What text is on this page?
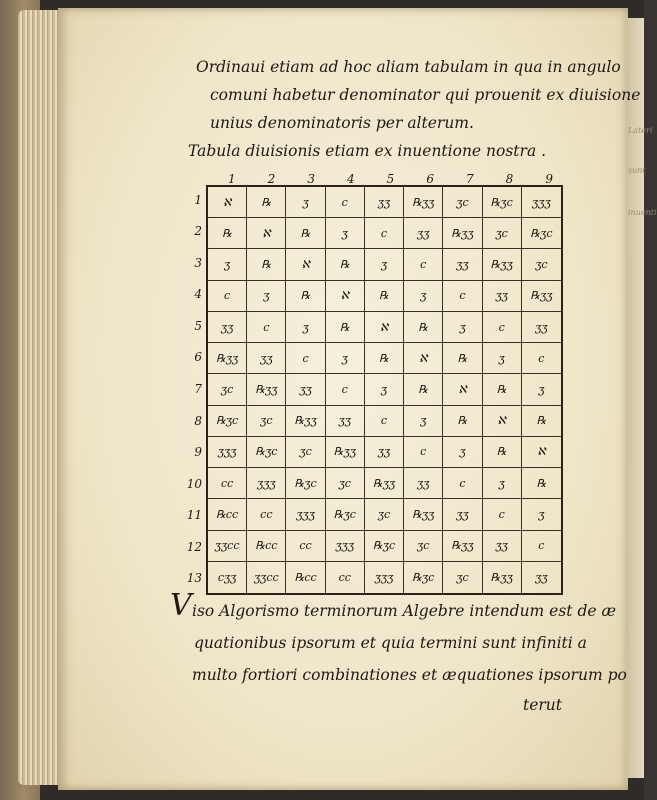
Lateri
sunt
inuenti
Ordinaui etiam ad hoc aliam tabulam in qua in angulo
comuni habetur denominator qui prouenit ex diuisione
unius denominatoris per alterum.
Tabula diuisionis etiam ex inuentione nostra .
1	2	3	4	5	6	7	8	9
1
2
3
4
5
6
7
8
9
10
11
12
13
ℵ	℞	ʒ	c	ʒʒ	℞ʒʒ	ʒc	℞ʒc	ʒʒʒ
℞	ℵ	℞	ʒ	c	ʒʒ	℞ʒʒ	ʒc	℞ʒc
ʒ	℞	ℵ	℞	ʒ	c	ʒʒ	℞ʒʒ	ʒc
c	ʒ	℞	ℵ	℞	ʒ	c	ʒʒ	℞ʒʒ
ʒʒ	c	ʒ	℞	ℵ	℞	ʒ	c	ʒʒ
℞ʒʒ	ʒʒ	c	ʒ	℞	ℵ	℞	ʒ	c
ʒc	℞ʒʒ	ʒʒ	c	ʒ	℞	ℵ	℞	ʒ
℞ʒc	ʒc	℞ʒʒ	ʒʒ	c	ʒ	℞	ℵ	℞
ʒʒʒ	℞ʒc	ʒc	℞ʒʒ	ʒʒ	c	ʒ	℞	ℵ
cc	ʒʒʒ	℞ʒc	ʒc	℞ʒʒ	ʒʒ	c	ʒ	℞
℞cc	cc	ʒʒʒ	℞ʒc	ʒc	℞ʒʒ	ʒʒ	c	ʒ
ʒʒcc	℞cc	cc	ʒʒʒ	℞ʒc	ʒc	℞ʒʒ	ʒʒ	c
cʒʒ	ʒʒcc	℞cc	cc	ʒʒʒ	℞ʒc	ʒc	℞ʒʒ	ʒʒ
V iso Algorismo terminorum Algebre intendum est de æ
quationibus ipsorum et quia termini sunt infiniti a
multo fortiori combinationes et æquationes ipsorum po
terut
